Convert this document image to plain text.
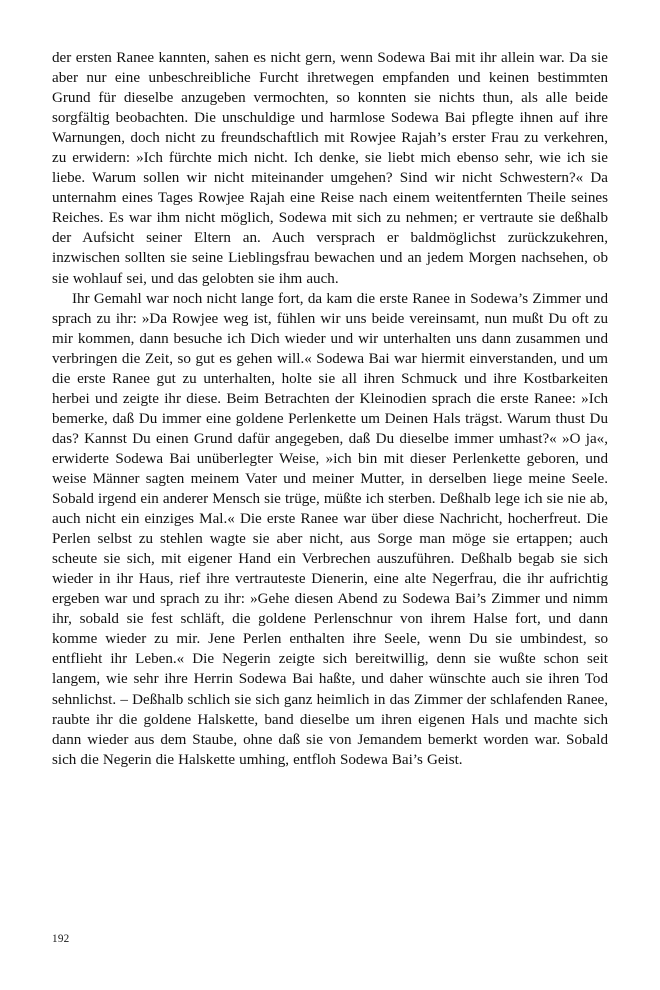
der ersten Ranee kannten, sahen es nicht gern, wenn Sodewa Bai mit ihr allein war. Da sie aber nur eine unbeschreibliche Furcht ihretwegen empfanden und keinen bestimmten Grund für dieselbe anzugeben vermochten, so konnten sie nichts thun, als alle beide sorgfältig beobachten. Die unschuldige und harmlose Sodewa Bai pflegte ihnen auf ihre Warnungen, doch nicht zu freundschaftlich mit Rowjee Rajah’s erster Frau zu verkehren, zu erwidern: »Ich fürchte mich nicht. Ich denke, sie liebt mich ebenso sehr, wie ich sie liebe. Warum sollen wir nicht miteinander umgehen? Sind wir nicht Schwestern?« Da unternahm eines Tages Rowjee Rajah eine Reise nach einem weitentfernten Theile seines Reiches. Es war ihm nicht möglich, Sodewa mit sich zu nehmen; er vertraute sie deßhalb der Aufsicht seiner Eltern an. Auch versprach er baldmöglichst zurückzukehren, inzwischen sollten sie seine Lieblingsfrau bewachen und an jedem Morgen nachsehen, ob sie wohlauf sei, und das gelobten sie ihm auch.

Ihr Gemahl war noch nicht lange fort, da kam die erste Ranee in Sodewa’s Zimmer und sprach zu ihr: »Da Rowjee weg ist, fühlen wir uns beide vereinsamt, nun mußt Du oft zu mir kommen, dann besuche ich Dich wieder und wir unterhalten uns dann zusammen und verbringen die Zeit, so gut es gehen will.« Sodewa Bai war hiermit einverstanden, und um die erste Ranee gut zu unterhalten, holte sie all ihren Schmuck und ihre Kostbarkeiten herbei und zeigte ihr diese. Beim Betrachten der Kleinodien sprach die erste Ranee: »Ich bemerke, daß Du immer eine goldene Perlenkette um Deinen Hals trägst. Warum thust Du das? Kannst Du einen Grund dafür angegeben, daß Du dieselbe immer umhast?« »O ja«, erwiderte Sodewa Bai unüberlegter Weise, »ich bin mit dieser Perlenkette geboren, und weise Männer sagten meinem Vater und meiner Mutter, in derselben liege meine Seele. Sobald irgend ein anderer Mensch sie trüge, müßte ich sterben. Deßhalb lege ich sie nie ab, auch nicht ein einziges Mal.« Die erste Ranee war über diese Nachricht, hocherfreut. Die Perlen selbst zu stehlen wagte sie aber nicht, aus Sorge man möge sie ertappen; auch scheute sie sich, mit eigener Hand ein Verbrechen auszuführen. Deßhalb begab sie sich wieder in ihr Haus, rief ihre vertrauteste Dienerin, eine alte Negerfrau, die ihr aufrichtig ergeben war und sprach zu ihr: »Gehe diesen Abend zu Sodewa Bai’s Zimmer und nimm ihr, sobald sie fest schläft, die goldene Perlenschnur von ihrem Halse fort, und dann komme wieder zu mir. Jene Perlen enthalten ihre Seele, wenn Du sie umbindest, so entflieht ihr Leben.« Die Negerin zeigte sich bereitwillig, denn sie wußte schon seit langem, wie sehr ihre Herrin Sodewa Bai haßte, und daher wünschte auch sie ihren Tod sehnlichst. – Deßhalb schlich sie sich ganz heimlich in das Zimmer der schlafenden Ranee, raubte ihr die goldene Halskette, band dieselbe um ihren eigenen Hals und machte sich dann wieder aus dem Staube, ohne daß sie von Jemandem bemerkt worden war. Sobald sich die Negerin die Halskette umhing, entfloh Sodewa Bai’s Geist.

192
